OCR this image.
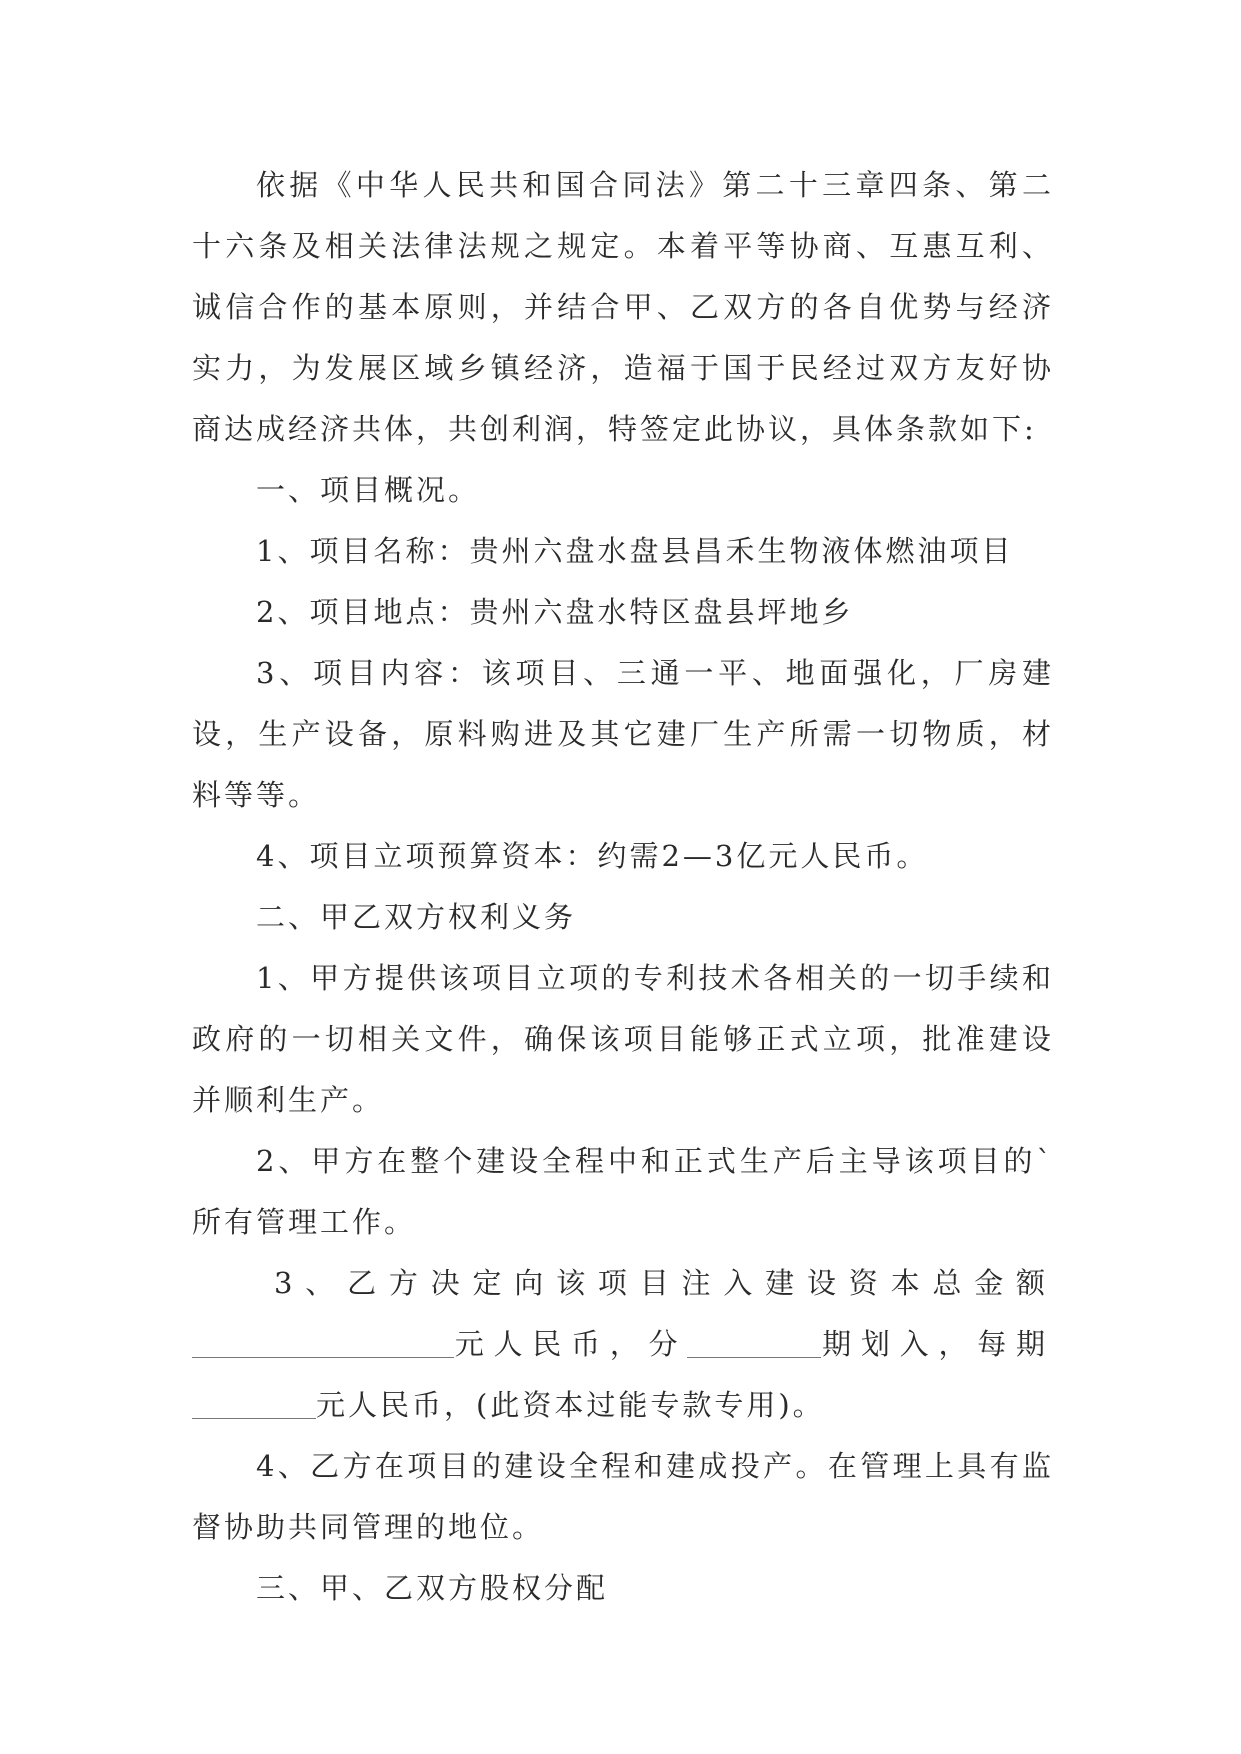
依据《中华人民共和国合同法》第二十三章四条、第二十六条及相关法律法规之规定。本着平等协商、互惠互利、诚信合作的基本原则，并结合甲、乙双方的各自优势与经济实力，为发展区域乡镇经济，造福于国于民经过双方友好协商达成经济共体，共创利润，特签定此协议，具体条款如下:

一、项目概况。

1、项目名称：贵州六盘水盘县昌禾生物液体燃油项目

2、项目地点：贵州六盘水特区盘县坪地乡

3、项目内容：该项目、三通一平、地面强化，厂房建设，生产设备，原料购进及其它建厂生产所需一切物质，材料等等。

4、项目立项预算资本：约需2—3亿元人民币。

二、甲乙双方权利义务

1、甲方提供该项目立项的专利技术各相关的一切手续和政府的一切相关文件，确保该项目能够正式立项，批准建设并顺利生产。

2、甲方在整个建设全程中和正式生产后主导该项目的`所有管理工作。

3、乙方决定向该项目注入建设资本总金额元人民币，分	期划入，每期元人民币，(此资本过能专款专用)。

4、乙方在项目的建设全程和建成投产。在管理上具有监督协助共同管理的地位。

三、甲、乙双方股权分配
